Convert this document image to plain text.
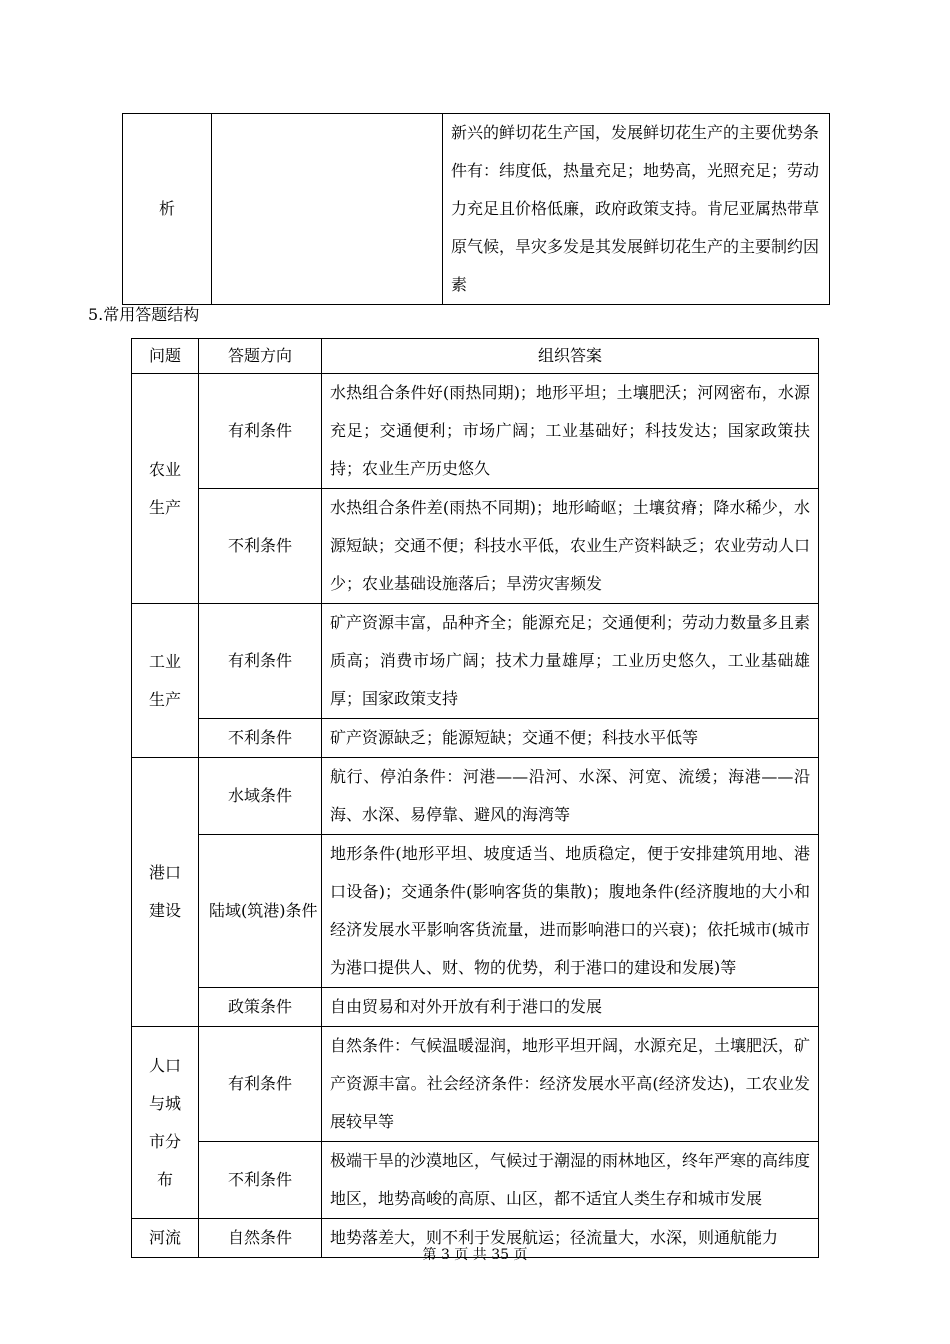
析		新兴的鲜切花生产国，发展鲜切花生产的主要优势条件有：纬度低，热量充足；地势高，光照充足；劳动力充足且价格低廉，政府政策支持。肯尼亚属热带草原气候，旱灾多发是其发展鲜切花生产的主要制约因素
5.常用答题结构
问题	答题方向	组织答案

农业
生产	有利条件	水热组合条件好(雨热同期)；地形平坦；土壤肥沃；河网密布，水源充足；交通便利；市场广阔；工业基础好；科技发达；国家政策扶持；农业生产历史悠久
	不利条件	水热组合条件差(雨热不同期)；地形崎岖；土壤贫瘠；降水稀少，水源短缺；交通不便；科技水平低，农业生产资料缺乏；农业劳动人口少；农业基础设施落后；旱涝灾害频发

工业
生产	有利条件	矿产资源丰富，品种齐全；能源充足；交通便利；劳动力数量多且素质高；消费市场广阔；技术力量雄厚；工业历史悠久，工业基础雄厚；国家政策支持
	不利条件	矿产资源缺乏；能源短缺；交通不便；科技水平低等

港口
建设	水域条件	航行、停泊条件：河港——沿河、水深、河宽、流缓；海港——沿海、水深、易停靠、避风的海湾等
	陆域(筑港)条件	地形条件(地形平坦、坡度适当、地质稳定，便于安排建筑用地、港口设备)；交通条件(影响客货的集散)；腹地条件(经济腹地的大小和经济发展水平影响客货流量，进而影响港口的兴衰)；依托城市(城市为港口提供人、财、物的优势，利于港口的建设和发展)等
	政策条件	自由贸易和对外开放有利于港口的发展

人口
与城
市分
布	有利条件	自然条件：气候温暖湿润，地形平坦开阔，水源充足，土壤肥沃，矿产资源丰富。社会经济条件：经济发展水平高(经济发达)，工农业发展较早等
	不利条件	极端干旱的沙漠地区，气候过于潮湿的雨林地区，终年严寒的高纬度地区，地势高峻的高原、山区，都不适宜人类生存和城市发展

河流	自然条件	地势落差大，则不利于发展航运；径流量大，水深，则通航能力
第 3 页 共 35 页
